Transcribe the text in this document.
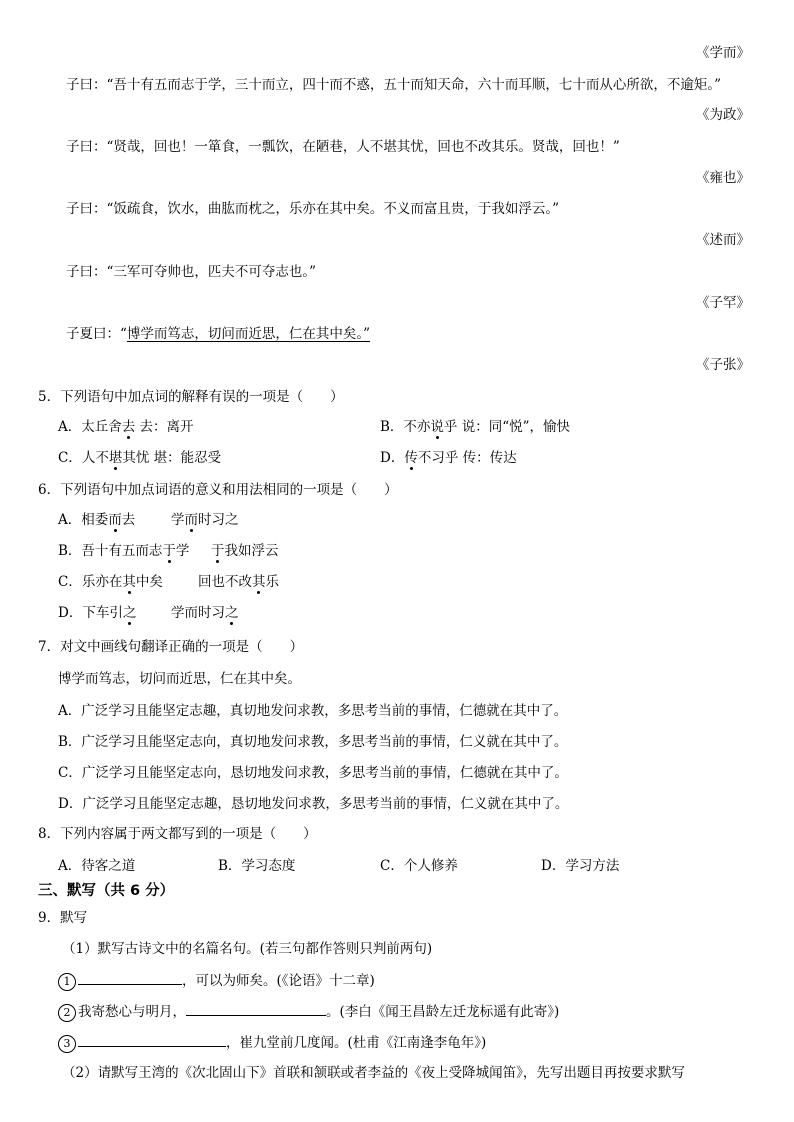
《学而》
子曰：“吾十有五而志于学，三十而立，四十而不惑，五十而知天命，六十而耳顺，七十而从心所欲，不逾矩。”
《为政》
子曰：“贤哉，回也！一箪食，一瓢饮，在陋巷，人不堪其忧，回也不改其乐。贤哉，回也！”
《雍也》
子曰：“饭疏食，饮水，曲肱而枕之，乐亦在其中矣。不义而富且贵，于我如浮云。”
《述而》
子曰：“三军可夺帅也，匹夫不可夺志也。”
《子罕》
子夏曰：“博学而笃志，切问而近思，仁在其中矣。”
《子张》
5．下列语句中加点词的解释有误的一项是（　　）
A．太丘舍去 去：离开	B．不亦说乎 说：同“悦”，愉快
C．人不堪其忧 堪：能忍受	D．传不习乎 传：传达
6．下列语句中加点词语的意义和用法相同的一项是（　　）
A．相委而去	学而时习之
B．吾十有五而志于学 于我如浮云
C．乐亦在其中矣	回也不改其乐
D．下车引之	学而时习之
7．对文中画线句翻译正确的一项是（　　）
博学而笃志，切问而近思，仁在其中矣。
A．广泛学习且能坚定志趣，真切地发问求教，多思考当前的事情，仁德就在其中了。
B．广泛学习且能坚定志向，真切地发问求教，多思考当前的事情，仁义就在其中了。
C．广泛学习且能坚定志向，恳切地发问求教，多思考当前的事情，仁德就在其中了。
D．广泛学习且能坚定志趣，恳切地发问求教，多思考当前的事情，仁义就在其中了。
8．下列内容属于两文都写到的一项是（　　）
A．待客之道	B．学习态度	C．个人修养	D．学习方法
三、默写（共 6 分）
9．默写
（1）默写古诗文中的名篇名句。(若三句都作答则只判前两句)
1	，可以为师矣。(《论语》十二章)
2 我寄愁心与明月，	。(李白《闻王昌龄左迁龙标遥有此寄》)
3	，崔九堂前几度闻。(杜甫《江南逢李龟年》)
（2）请默写王湾的《次北固山下》首联和颔联或者李益的《夜上受降城闻笛》，先写出题目再按要求默写
